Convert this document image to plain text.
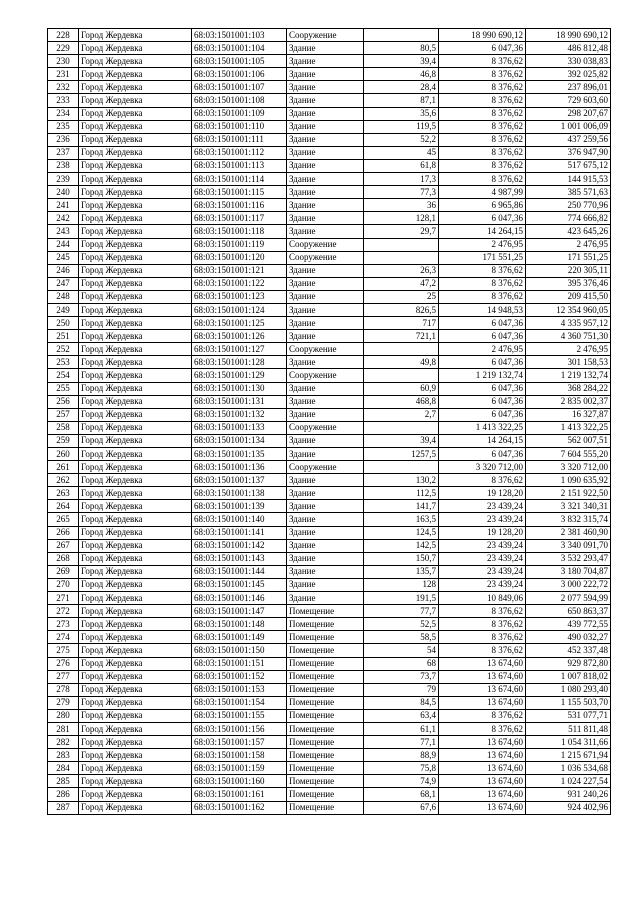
228	Город Жердевка	68:03:1501001:103	Сооружение		18 990 690,12	18 990 690,12
229	Город Жердевка	68:03:1501001:104	Здание	80,5	6 047,36	486 812,48
230	Город Жердевка	68:03:1501001:105	Здание	39,4	8 376,62	330 038,83
231	Город Жердевка	68:03:1501001:106	Здание	46,8	8 376,62	392 025,82
232	Город Жердевка	68:03:1501001:107	Здание	28,4	8 376,62	237 896,01
233	Город Жердевка	68:03:1501001:108	Здание	87,1	8 376,62	729 603,60
234	Город Жердевка	68:03:1501001:109	Здание	35,6	8 376,62	298 207,67
235	Город Жердевка	68:03:1501001:110	Здание	119,5	8 376,62	1 001 006,09
236	Город Жердевка	68:03:1501001:111	Здание	52,2	8 376,62	437 259,56
237	Город Жердевка	68:03:1501001:112	Здание	45	8 376,62	376 947,90
238	Город Жердевка	68:03:1501001:113	Здание	61,8	8 376,62	517 675,12
239	Город Жердевка	68:03:1501001:114	Здание	17,3	8 376,62	144 915,53
240	Город Жердевка	68:03:1501001:115	Здание	77,3	4 987,99	385 571,63
241	Город Жердевка	68:03:1501001:116	Здание	36	6 965,86	250 770,96
242	Город Жердевка	68:03:1501001:117	Здание	128,1	6 047,36	774 666,82
243	Город Жердевка	68:03:1501001:118	Здание	29,7	14 264,15	423 645,26
244	Город Жердевка	68:03:1501001:119	Сооружение		2 476,95	2 476,95
245	Город Жердевка	68:03:1501001:120	Сооружение		171 551,25	171 551,25
246	Город Жердевка	68:03:1501001:121	Здание	26,3	8 376,62	220 305,11
247	Город Жердевка	68:03:1501001:122	Здание	47,2	8 376,62	395 376,46
248	Город Жердевка	68:03:1501001:123	Здание	25	8 376,62	209 415,50
249	Город Жердевка	68:03:1501001:124	Здание	826,5	14 948,53	12 354 960,05
250	Город Жердевка	68:03:1501001:125	Здание	717	6 047,36	4 335 957,12
251	Город Жердевка	68:03:1501001:126	Здание	721,1	6 047,36	4 360 751,30
252	Город Жердевка	68:03:1501001:127	Сооружение		2 476,95	2 476,95
253	Город Жердевка	68:03:1501001:128	Здание	49,8	6 047,36	301 158,53
254	Город Жердевка	68:03:1501001:129	Сооружение		1 219 132,74	1 219 132,74
255	Город Жердевка	68:03:1501001:130	Здание	60,9	6 047,36	368 284,22
256	Город Жердевка	68:03:1501001:131	Здание	468,8	6 047,36	2 835 002,37
257	Город Жердевка	68:03:1501001:132	Здание	2,7	6 047,36	16 327,87
258	Город Жердевка	68:03:1501001:133	Сооружение		1 413 322,25	1 413 322,25
259	Город Жердевка	68:03:1501001:134	Здание	39,4	14 264,15	562 007,51
260	Город Жердевка	68:03:1501001:135	Здание	1257,5	6 047,36	7 604 555,20
261	Город Жердевка	68:03:1501001:136	Сооружение		3 320 712,00	3 320 712,00
262	Город Жердевка	68:03:1501001:137	Здание	130,2	8 376,62	1 090 635,92
263	Город Жердевка	68:03:1501001:138	Здание	112,5	19 128,20	2 151 922,50
264	Город Жердевка	68:03:1501001:139	Здание	141,7	23 439,24	3 321 340,31
265	Город Жердевка	68:03:1501001:140	Здание	163,5	23 439,24	3 832 315,74
266	Город Жердевка	68:03:1501001:141	Здание	124,5	19 128,20	2 381 460,90
267	Город Жердевка	68:03:1501001:142	Здание	142,5	23 439,24	3 340 091,70
268	Город Жердевка	68:03:1501001:143	Здание	150,7	23 439,24	3 532 293,47
269	Город Жердевка	68:03:1501001:144	Здание	135,7	23 439,24	3 180 704,87
270	Город Жердевка	68:03:1501001:145	Здание	128	23 439,24	3 000 222,72
271	Город Жердевка	68:03:1501001:146	Здание	191,5	10 849,06	2 077 594,99
272	Город Жердевка	68:03:1501001:147	Помещение	77,7	8 376,62	650 863,37
273	Город Жердевка	68:03:1501001:148	Помещение	52,5	8 376,62	439 772,55
274	Город Жердевка	68:03:1501001:149	Помещение	58,5	8 376,62	490 032,27
275	Город Жердевка	68:03:1501001:150	Помещение	54	8 376,62	452 337,48
276	Город Жердевка	68:03:1501001:151	Помещение	68	13 674,60	929 872,80
277	Город Жердевка	68:03:1501001:152	Помещение	73,7	13 674,60	1 007 818,02
278	Город Жердевка	68:03:1501001:153	Помещение	79	13 674,60	1 080 293,40
279	Город Жердевка	68:03:1501001:154	Помещение	84,5	13 674,60	1 155 503,70
280	Город Жердевка	68:03:1501001:155	Помещение	63,4	8 376,62	531 077,71
281	Город Жердевка	68:03:1501001:156	Помещение	61,1	8 376,62	511 811,48
282	Город Жердевка	68:03:1501001:157	Помещение	77,1	13 674,60	1 054 311,66
283	Город Жердевка	68:03:1501001:158	Помещение	88,9	13 674,60	1 215 671,94
284	Город Жердевка	68:03:1501001:159	Помещение	75,8	13 674,60	1 036 534,68
285	Город Жердевка	68:03:1501001:160	Помещение	74,9	13 674,60	1 024 227,54
286	Город Жердевка	68:03:1501001:161	Помещение	68,1	13 674,60	931 240,26
287	Город Жердевка	68:03:1501001:162	Помещение	67,6	13 674,60	924 402,96
